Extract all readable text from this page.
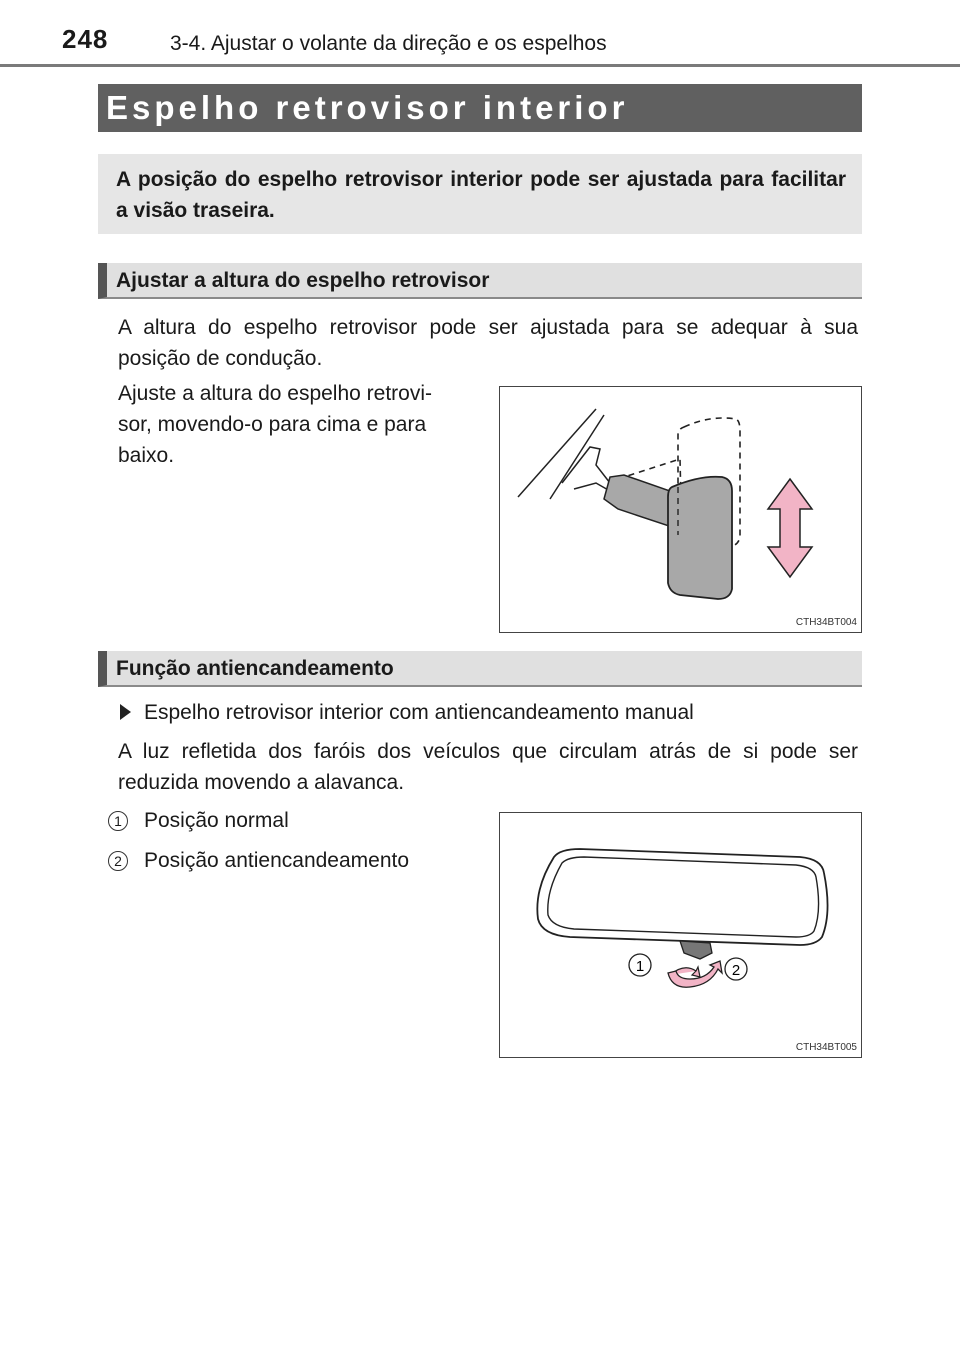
248	3-4. Ajustar o volante da direção e os espelhos
Espelho retrovisor interior
A posição do espelho retrovisor interior pode ser ajustada para facilitar a visão traseira.
Ajustar a altura do espelho retrovisor
A altura do espelho retrovisor pode ser ajustada para se adequar à sua posição de condução.
Ajuste a altura do espelho retrovi-
sor, movendo-o para cima e para
baixo.
CTH34BT004
Função antiencandeamento
Espelho retrovisor interior com antiencandeamento manual
A luz refletida dos faróis dos veículos que circulam atrás de si pode ser reduzida movendo a alavanca.
1 Posição normal
2 Posição antiencandeamento
1	2
CTH34BT005
